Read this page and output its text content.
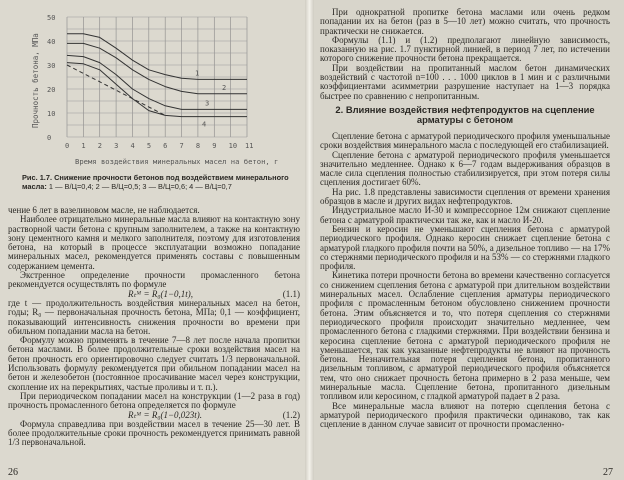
1
2
3
4
0 1 2 3 4 5 6 7 8 9 10 11
0
10
20
30
40
50
Прочность бетона, МПа
Время воздействия минеральных масел на бетон, г
Рис. 1.7. Снижение прочности бетонов под воздействием минерального масла: 1 — В/Ц=0,4; 2 — В/Ц=0,5; 3 — В/Ц=0,6; 4 — В/Ц=0,7

чение 6 лет в вазелиновом масле, не наблюдается.

Наиболее отрицательно минеральные масла влияют на контактную зону растворной части бетона с крупным заполнителем, а также на контактную зону цементного камня и мелкого заполнителя, поэтому для изготовления бетона, на который в процессе эксплуатации возможно попадание минеральных масел, рекомендуется применять составы с повышенным содержанием цемента.

Экстренное определение прочности промасленного бетона рекомендуется осуществлять по формуле

Rₜᴹ = R₀(1−0,1t),	(1.1)

где t — продолжительность воздействия минеральных масел на бетон, годы; R₀ — первоначальная прочность бетона, МПа; 0,1 — коэффициент, показывающий интенсивность снижения прочности во времени при обильном попадании масла на бетон.

Формулу можно применять в течение 7—8 лет после начала пропитки бетона маслами. В более продолжительные сроки воздействия масел на бетон прочность его ориентировочно следует считать 1/3 первоначальной. Использовать формулу рекомендуется при обильном попадании масел на бетон и железобетон (постоянное просачивание масел через конструкции, скопление их на перекрытиях, частые проливы и т. п.).

При периодическом попадании масел на конструкции (1—2 раза в год) прочность промасленного бетона определяется по формуле

Rₜᴹ = R₀(1−0,023t).	(1.2)

Формула справедлива при воздействии масел в течение 25—30 лет. В более продолжительные сроки прочность рекомендуется принимать равной 1/3 первоначальной.

26

При однократной пропитке бетона маслами или очень редком попадании их на бетон (раз в 5—10 лет) можно считать, что прочность практически не снижается.

Формулы (1.1) и (1.2) предполагают линейную зависимость, показанную на рис. 1.7 пунктирной линией, в период 7 лет, по истечении которого снижение прочности бетона прекращается.

При воздействии на пропитанный маслом бетон динамических воздействий с частотой n=100 . . . 1000 циклов в 1 мин и с различными коэффициентами асимметрии разрушение наступает на 1—3 порядка быстрее по сравнению с непропитанным.

2. Влияние воздействия нефтепродуктов на сцепление арматуры с бетоном

Сцепление бетона с арматурой периодического профиля уменьшальные сроки воздействия минерального масла с последующей его стабилизацией.

Сцепление бетона с арматурой периодического профиля уменьшается значительно медленнее. Однако к 6—7 годам выдерживания образцов в масле сила сцепления полностью стабилизируется, при этом потеря силы сцепления достигает 60%.

На рис. 1.8 представлены зависимости сцепления от времени хранения образцов в масле и других видах нефтепродуктов.

Индустриальное масло И-30 и компрессорное 12м снижают сцепление бетона с арматурой практически так же, как и масло И-20.

Бензин и керосин не уменьшают сцепления бетона с арматурой периодического профиля. Однако керосин снижает сцепление бетона с арматурой гладкого профиля почти на 50%, а дизельное топливо — на 17% со стержнями периодического профиля и на 53% — со стержнями гладкого профиля.

Кинетика потери прочности бетона во времени качественно согласуется со снижением сцепления бетона с арматурой при длительном воздействии минеральных масел. Ослабление сцепления арматуры периодического профиля с промасленным бетоном обусловлено снижением прочности бетона. Этим объясняется и то, что потеря сцепления со стержнями периодического профиля происходит значительно медленнее, чем промасленного бетона с гладкими стержнями. При воздействии бензина и керосина сцепление бетона с арматурой периодического профиля не уменьшается, так как указанные нефтепродукты не влияют на прочность бетона. Незначительная потеря сцепления бетона, пропитанного дизельным топливом, с арматурой периодического профиля объясняется тем, что оно снижает прочность бетона примерно в 2 раза меньше, чем минеральные масла. Сцепление бетона, пропитанного дизельным топливом или керосином, с гладкой арматурой падает в 2 раза.

Все минеральные масла влияют на потерю сцепления бетона с арматурой периодического профиля практически одинаково, так как сцепление в данном случае зависит от прочности промасленно-

27
